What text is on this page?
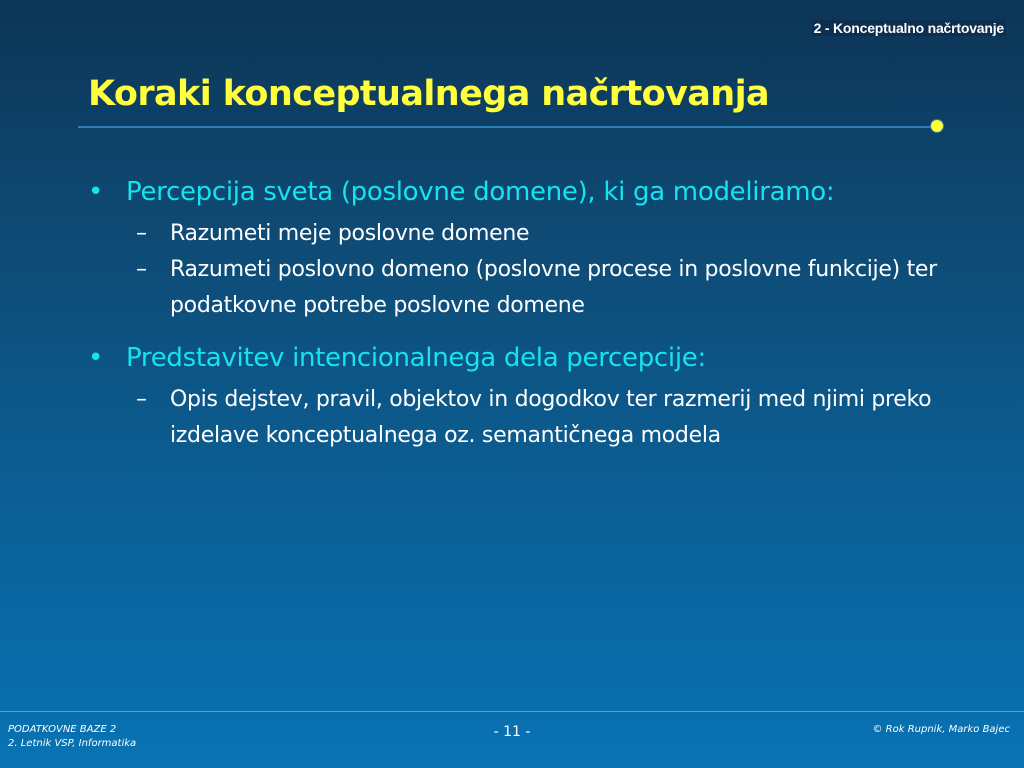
2 - Konceptualno načrtovanje
Koraki konceptualnega načrtovanja
• Percepcija sveta (poslovne domene), ki ga modeliramo:
– Razumeti meje poslovne domene
– Razumeti poslovno domeno (poslovne procese in poslovne funkcije) ter podatkovne potrebe poslovne domene
• Predstavitev intencionalnega dela percepcije:
– Opis dejstev, pravil, objektov in dogodkov ter razmerij med njimi preko izdelave konceptualnega oz. semantičnega modela
PODATKOVNE BAZE 2
2. Letnik VSP, Informatika
- 11 -	© Rok Rupnik, Marko Bajec
